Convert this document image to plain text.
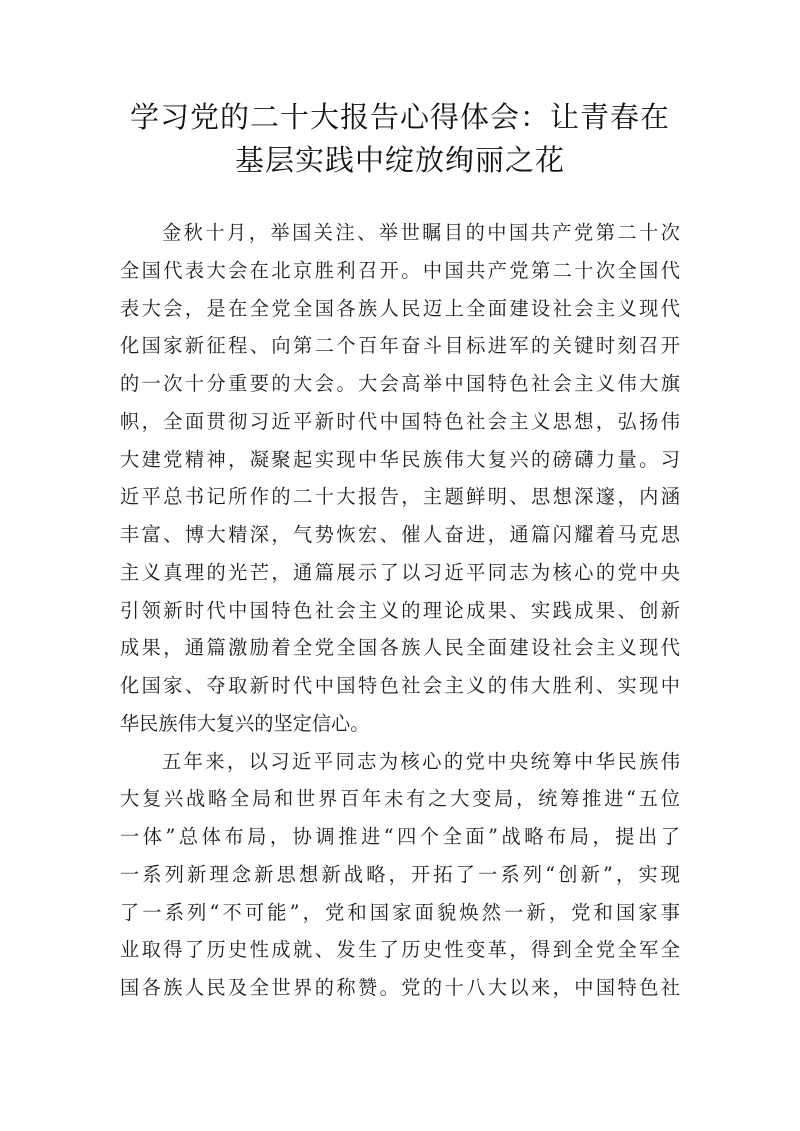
学习党的二十大报告心得体会：让青春在
基层实践中绽放绚丽之花
金秋十月，举国关注、举世瞩目的中国共产党第二十次
全国代表大会在北京胜利召开。中国共产党第二十次全国代
表大会，是在全党全国各族人民迈上全面建设社会主义现代
化国家新征程、向第二个百年奋斗目标进军的关键时刻召开
的一次十分重要的大会。大会高举中国特色社会主义伟大旗
帜，全面贯彻习近平新时代中国特色社会主义思想，弘扬伟
大建党精神，凝聚起实现中华民族伟大复兴的磅礴力量。习
近平总书记所作的二十大报告，主题鲜明、思想深邃，内涵
丰富、博大精深，气势恢宏、催人奋进，通篇闪耀着马克思
主义真理的光芒，通篇展示了以习近平同志为核心的党中央
引领新时代中国特色社会主义的理论成果、实践成果、创新
成果，通篇激励着全党全国各族人民全面建设社会主义现代
化国家、夺取新时代中国特色社会主义的伟大胜利、实现中
华民族伟大复兴的坚定信心。
五年来，以习近平同志为核心的党中央统筹中华民族伟
大复兴战略全局和世界百年未有之大变局，统筹推进“五位
一体”总体布局，协调推进“四个全面”战略布局，提出了
一系列新理念新思想新战略，开拓了一系列“创新”，实现
了一系列“不可能”，党和国家面貌焕然一新，党和国家事
业取得了历史性成就、发生了历史性变革，得到全党全军全
国各族人民及全世界的称赞。党的十八大以来，中国特色社
